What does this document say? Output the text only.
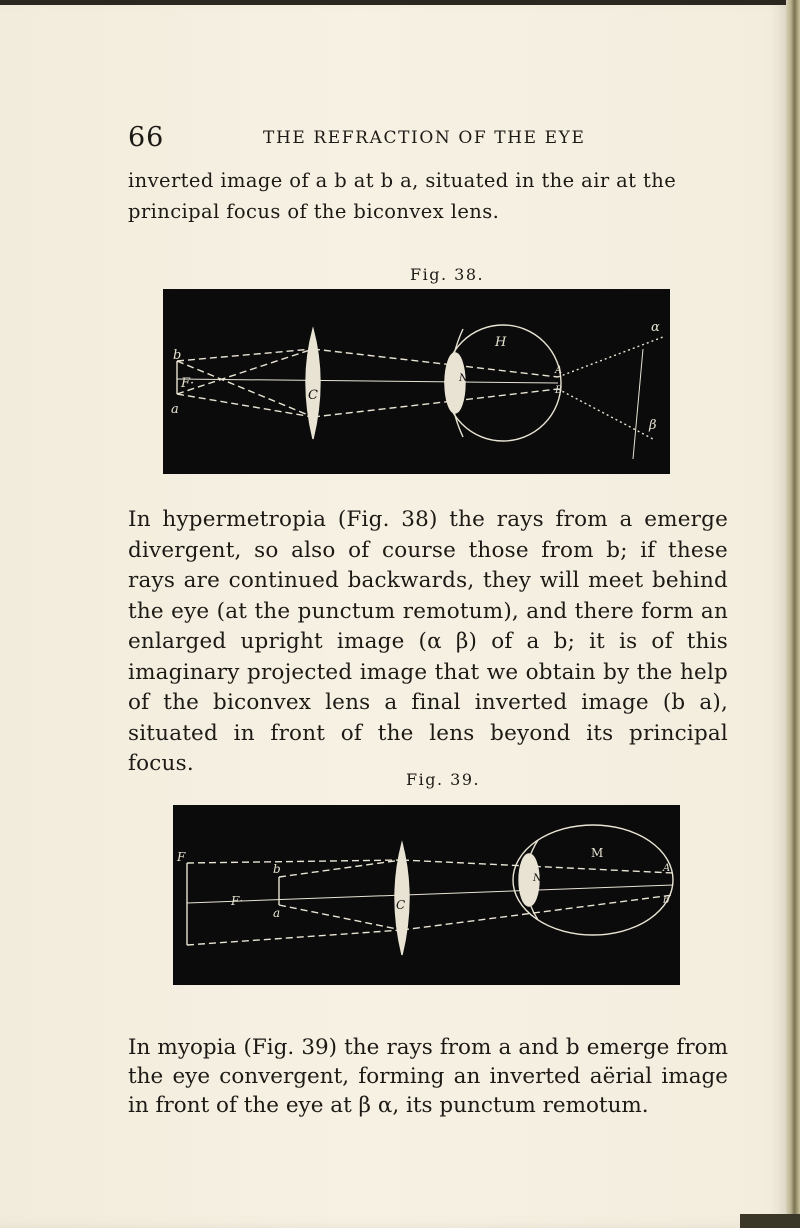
66	THE REFRACTION OF THE EYE

inverted image of a b at b a, situated in the air at the
principal focus of the biconvex lens.

Fig. 38.
b
F·
a
C
H
N
A
B
α
β

In hypermetropia (Fig. 38) the rays from a emerge divergent, so also of course those from b; if these rays are continued backwards, they will meet behind the eye (at the punctum remotum), and there form an enlarged upright image (α β) of a b; it is of this imaginary projected image that we obtain by the help of the biconvex lens a final inverted image (b a), situated in front of the lens beyond its principal focus.

Fig. 39.
F
F·
b
a
C
M
N
A
b

In myopia (Fig. 39) the rays from a and b emerge from the eye convergent, forming an inverted aërial image in front of the eye at β α, its punctum remotum.
